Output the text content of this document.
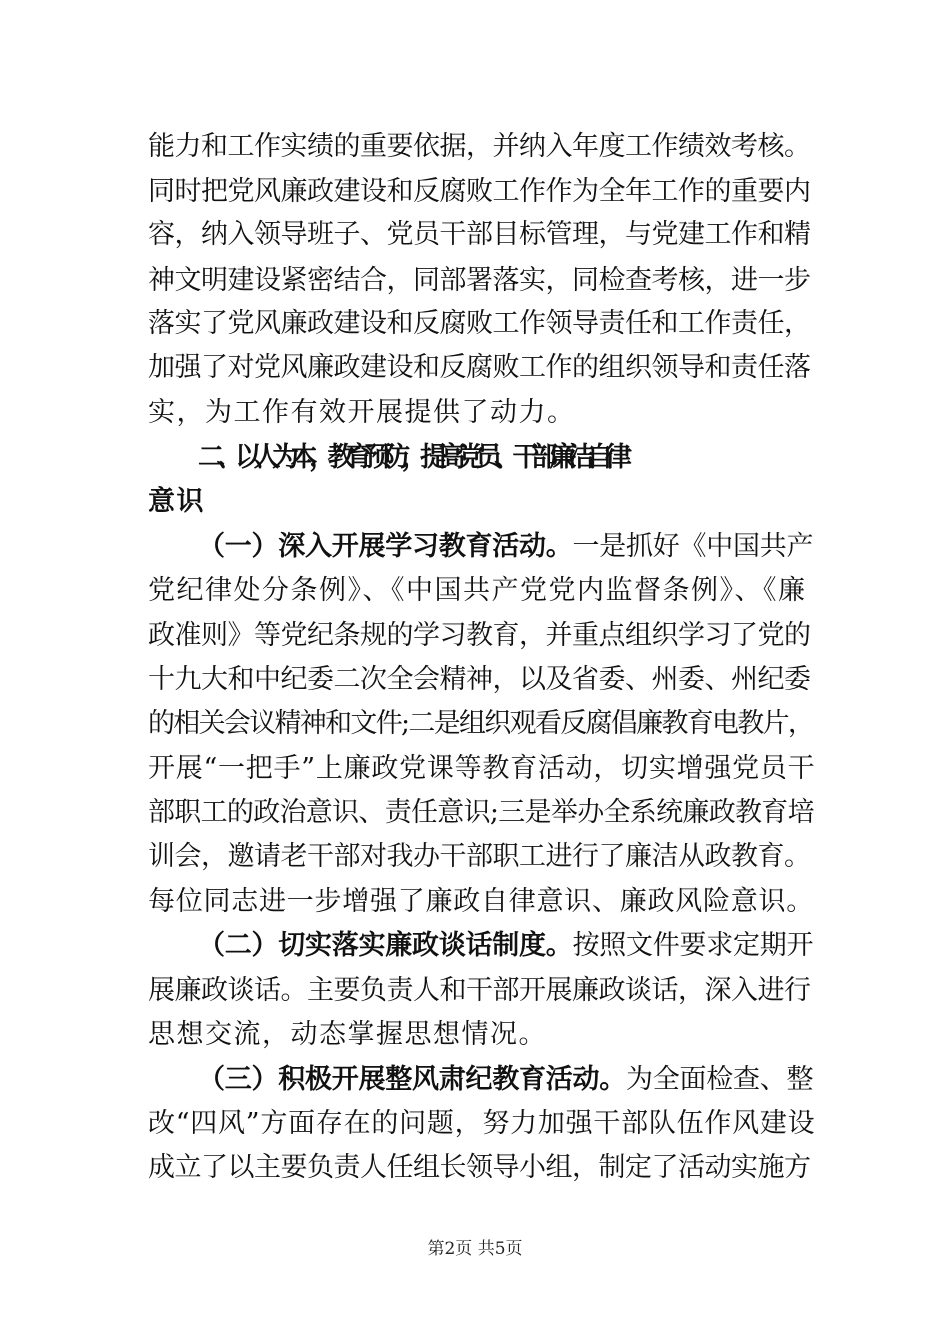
能力和工作实绩的重要依据，并纳入年度工作绩效考核。
同时把党风廉政建设和反腐败工作作为全年工作的重要内
容，纳入领导班子、党员干部目标管理，与党建工作和精
神文明建设紧密结合，同部署落实，同检查考核，进一步
落实了党风廉政建设和反腐败工作领导责任和工作责任，
加强了对党风廉政建设和反腐败工作的组织领导和责任落
实，为工作有效开展提供了动力。
二、以人为本，教育预防，提高党员、干部廉洁自律
意识
（一）深入开展学习教育活动。一是抓好《中国共产
党纪律处分条例》、《中国共产党党内监督条例》、《廉
政准则》等党纪条规的学习教育，并重点组织学习了党的
十九大和中纪委二次全会精神，以及省委、州委、州纪委
的相关会议精神和文件;二是组织观看反腐倡廉教育电教片，
开展“一把手”上廉政党课等教育活动，切实增强党员干
部职工的政治意识、责任意识;三是举办全系统廉政教育培
训会，邀请老干部对我办干部职工进行了廉洁从政教育。
每位同志进一步增强了廉政自律意识、廉政风险意识。
（二）切实落实廉政谈话制度。按照文件要求定期开
展廉政谈话。主要负责人和干部开展廉政谈话，深入进行
思想交流，动态掌握思想情况。
（三）积极开展整风肃纪教育活动。为全面检查、整
改“四风”方面存在的问题，努力加强干部队伍作风建设
成立了以主要负责人任组长领导小组，制定了活动实施方
第2页 共5页
